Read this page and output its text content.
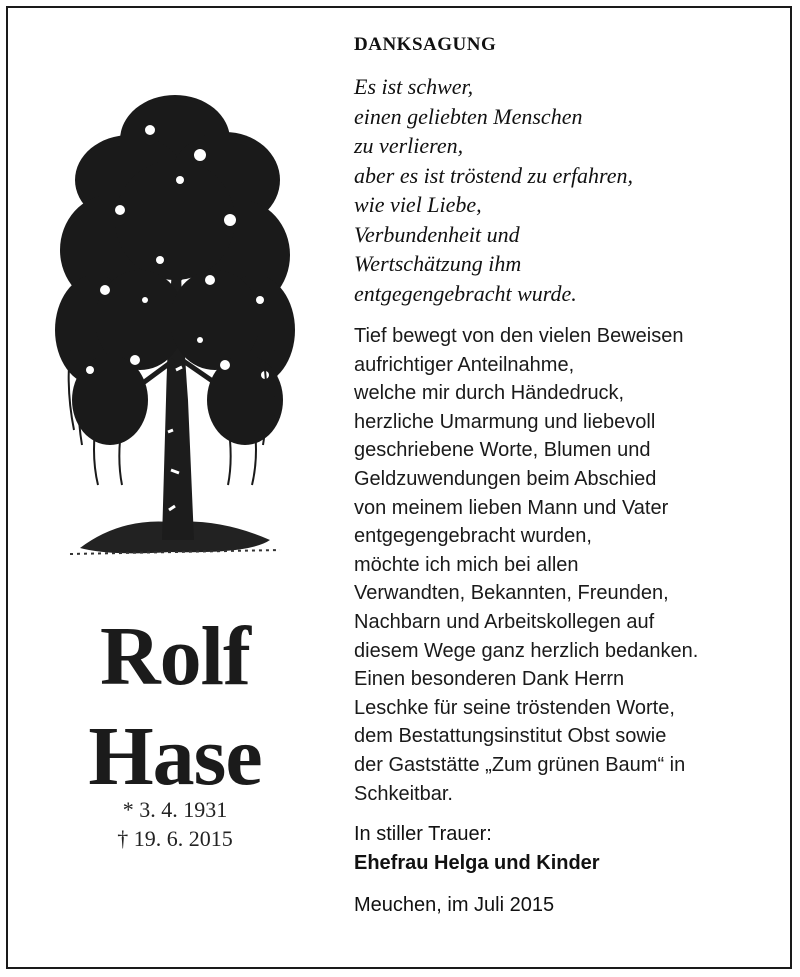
Rolf
Hase
* 3. 4. 1931
† 19. 6. 2015

DANKSAGUNG

Es ist schwer,
einen geliebten Menschen
zu verlieren,
aber es ist tröstend zu erfahren,
wie viel Liebe,
Verbundenheit und
Wertschätzung ihm
entgegengebracht wurde.

Tief bewegt von den vielen Beweisen
aufrichtiger Anteilnahme,
welche mir durch Händedruck,
herzliche Umarmung und liebevoll
geschriebene Worte, Blumen und
Geldzuwendungen beim Abschied
von meinem lieben Mann und Vater
entgegengebracht wurden,
möchte ich mich bei allen
Verwandten, Bekannten, Freunden,
Nachbarn und Arbeitskollegen auf
diesem Wege ganz herzlich bedanken.
Einen besonderen Dank Herrn
Leschke für seine tröstenden Worte,
dem Bestattungsinstitut Obst sowie
der Gaststätte „Zum grünen Baum“ in
Schkeitbar.

In stiller Trauer:

Ehefrau Helga und Kinder

Meuchen, im Juli 2015
